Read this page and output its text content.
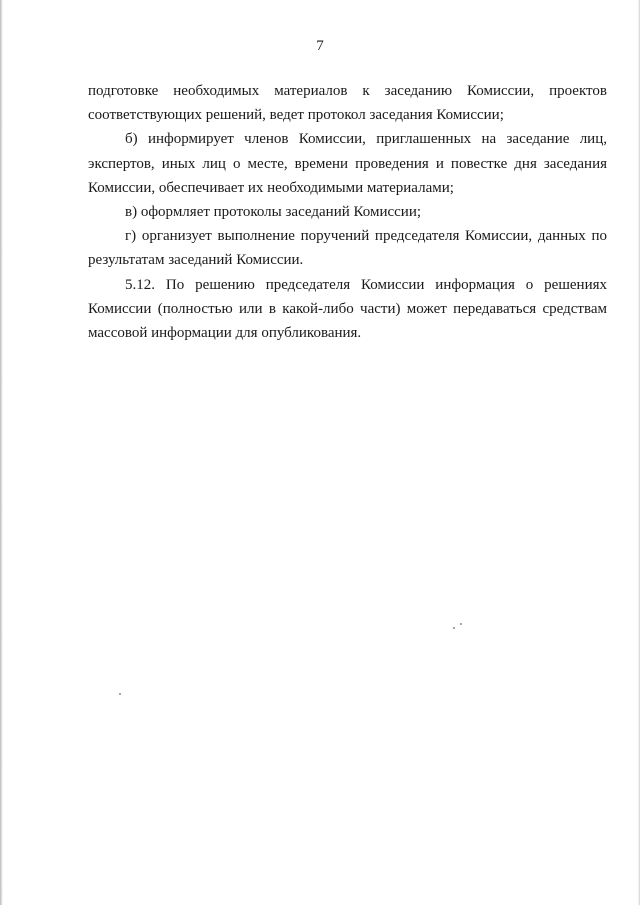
7

подготовке необходимых материалов к заседанию Комиссии, проектов соответствующих решений, ведет протокол заседания Комиссии;

б) информирует членов Комиссии, приглашенных на заседание лиц, экспертов, иных лиц о месте, времени проведения и повестке дня заседания Комиссии, обеспечивает их необходимыми материалами;

в) оформляет протоколы заседаний Комиссии;

г) организует выполнение поручений председателя Комиссии, данных по результатам заседаний Комиссии.

5.12. По решению председателя Комиссии информация о решениях Комиссии (полностью или в какой-либо части) может передаваться средствам массовой информации для опубликования.
